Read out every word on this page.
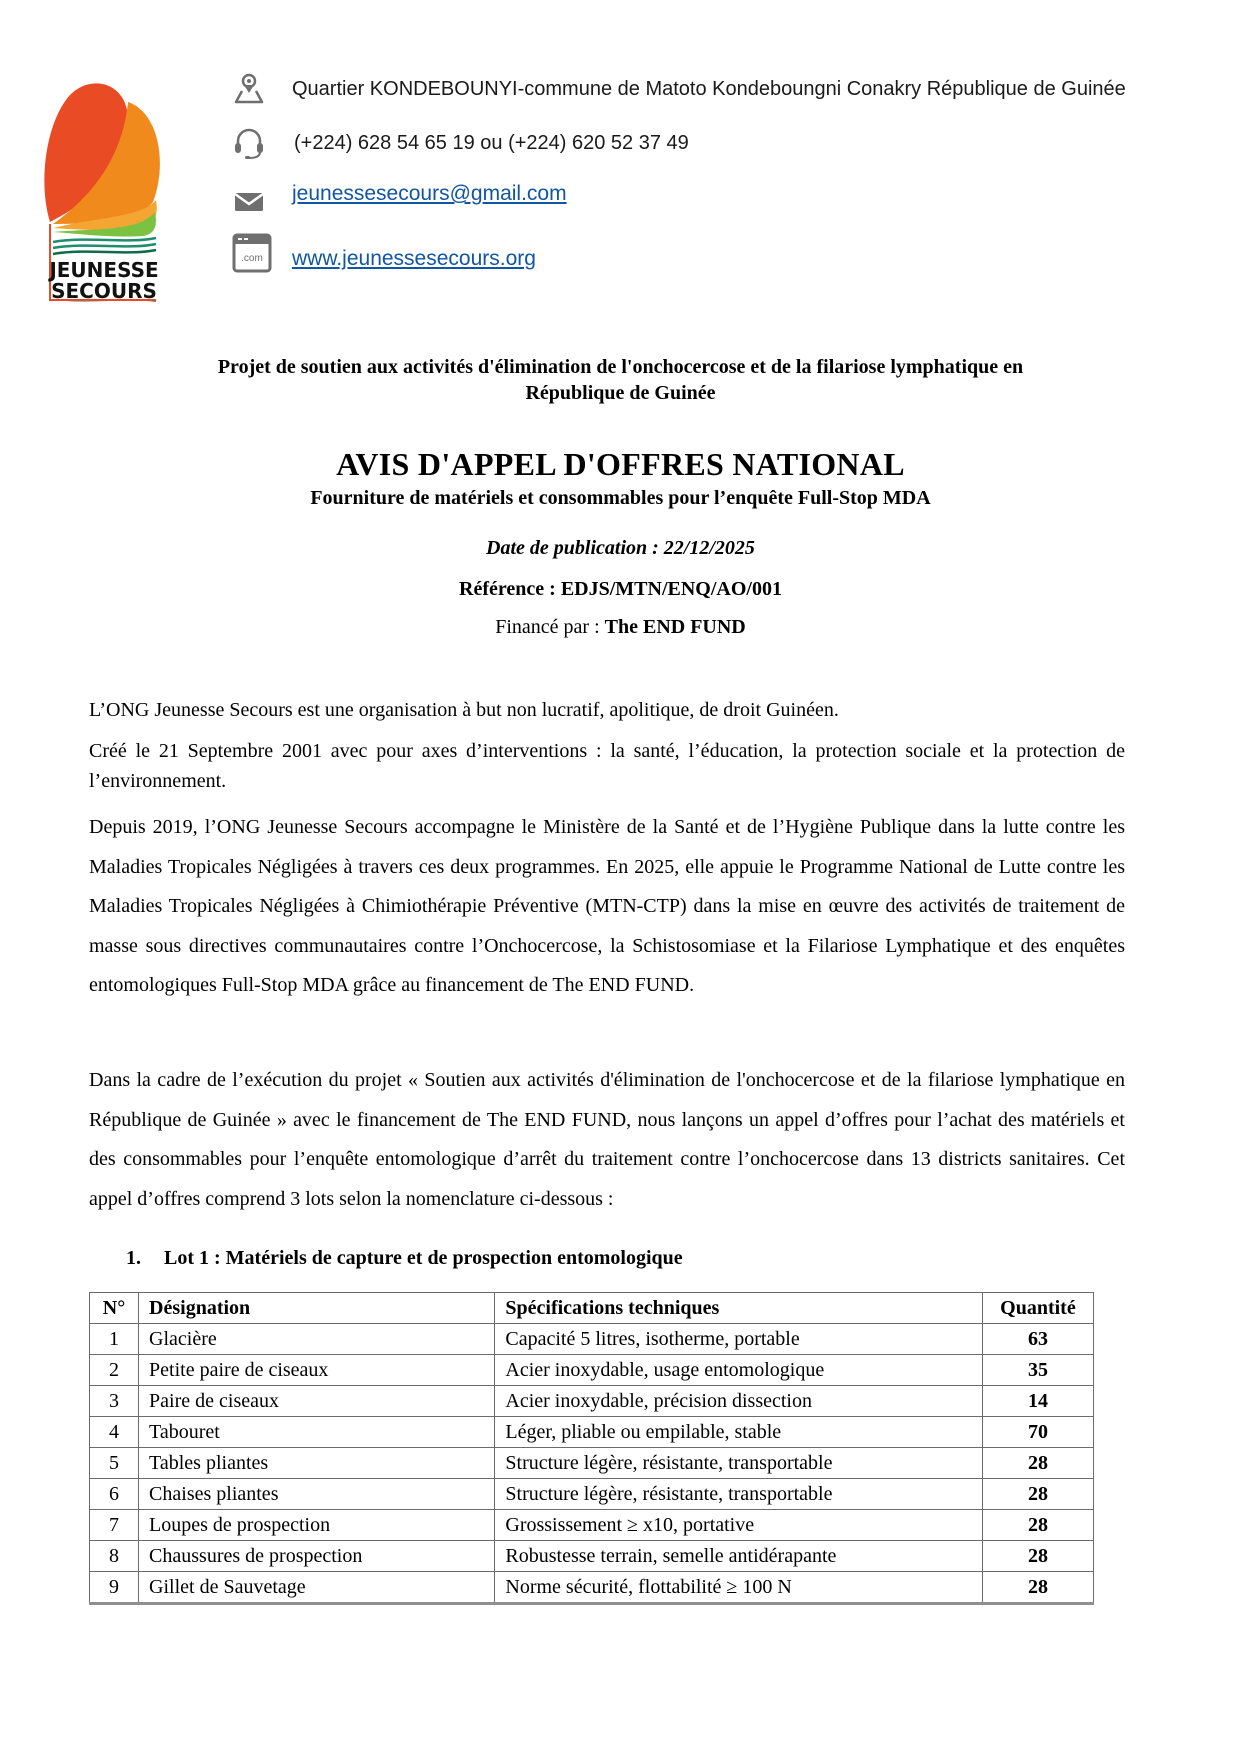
JEUNESSE
SECOURS
Quartier KONDEBOUNYI-commune de Matoto Kondeboungni Conakry République de Guinée
(+224) 628 54 65 19 ou (+224) 620 52 37 49
jeunessesecours@gmail.com
.com www.jeunessesecours.org
Projet de soutien aux activités d'élimination de l'onchocercose et de la filariose lymphatique en
République de Guinée
AVIS D'APPEL D'OFFRES NATIONAL
Fourniture de matériels et consommables pour l’enquête Full-Stop MDA
Date de publication : 22/12/2025
Référence : EDJS/MTN/ENQ/AO/001
Financé par : The END FUND

L’ONG Jeunesse Secours est une organisation à but non lucratif, apolitique, de droit Guinéen.

Créé le 21 Septembre 2001 avec pour axes d’interventions : la santé, l’éducation, la protection sociale et la protection de l’environnement.

Depuis 2019, l’ONG Jeunesse Secours accompagne le Ministère de la Santé et de l’Hygiène Publique dans la lutte contre les Maladies Tropicales Négligées à travers ces deux programmes. En 2025, elle appuie le Programme National de Lutte contre les Maladies Tropicales Négligées à Chimiothérapie Préventive (MTN-CTP) dans la mise en œuvre des activités de traitement de masse sous directives communautaires contre l’Onchocercose, la Schistosomiase et la Filariose Lymphatique et des enquêtes entomologiques Full-Stop MDA grâce au financement de The END FUND.

Dans la cadre de l’exécution du projet « Soutien aux activités d'élimination de l'onchocercose et de la filariose lymphatique en République de Guinée » avec le financement de The END FUND, nous lançons un appel d’offres pour l’achat des matériels et des consommables pour l’enquête entomologique d’arrêt du traitement contre l’onchocercose dans 13 districts sanitaires. Cet appel d’offres comprend 3 lots selon la nomenclature ci-dessous :

1. Lot 1 : Matériels de capture et de prospection entomologique
N°	Désignation	Spécifications techniques	Quantité
1	Glacière	Capacité 5 litres, isotherme, portable	63
2	Petite paire de ciseaux	Acier inoxydable, usage entomologique	35
3	Paire de ciseaux	Acier inoxydable, précision dissection	14
4	Tabouret	Léger, pliable ou empilable, stable	70
5	Tables pliantes	Structure légère, résistante, transportable	28
6	Chaises pliantes	Structure légère, résistante, transportable	28
7	Loupes de prospection	Grossissement ≥ x10, portative	28
8	Chaussures de prospection	Robustesse terrain, semelle antidérapante	28
9	Gillet de Sauvetage	Norme sécurité, flottabilité ≥ 100 N	28
